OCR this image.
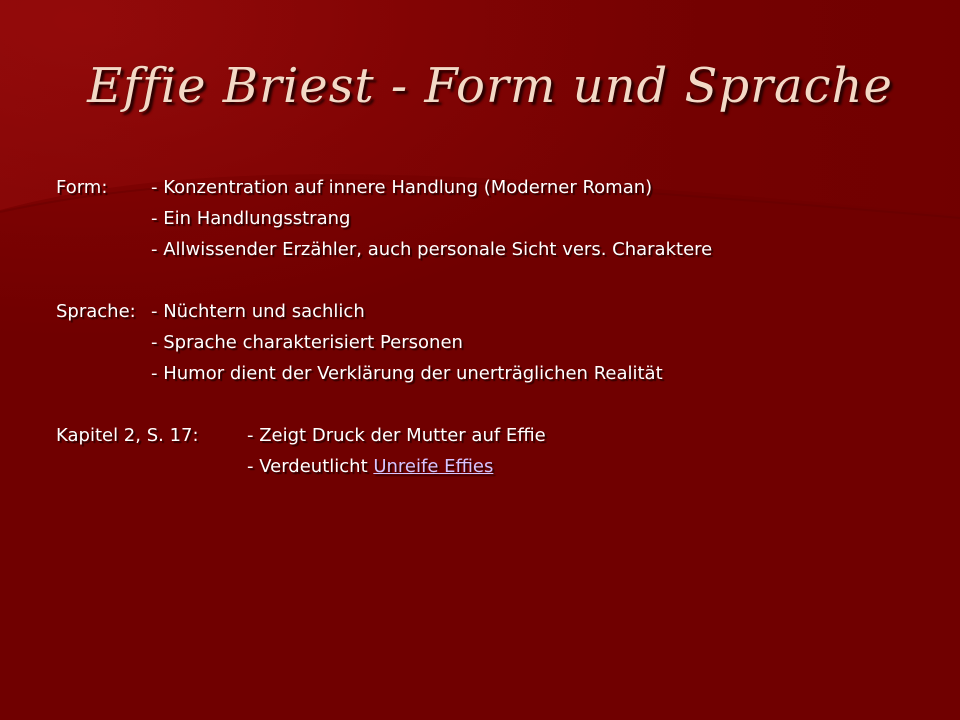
Effie Briest - Form und Sprache
Form: - Konzentration auf innere Handlung (Moderner Roman)
- Ein Handlungsstrang
- Allwissender Erzähler, auch personale Sicht vers. Charaktere
Sprache: - Nüchtern und sachlich
- Sprache charakterisiert Personen
- Humor dient der Verklärung der unerträglichen Realität
Kapitel 2, S. 17:	- Zeigt Druck der Mutter auf Effie
- Verdeutlicht Unreife Effies
